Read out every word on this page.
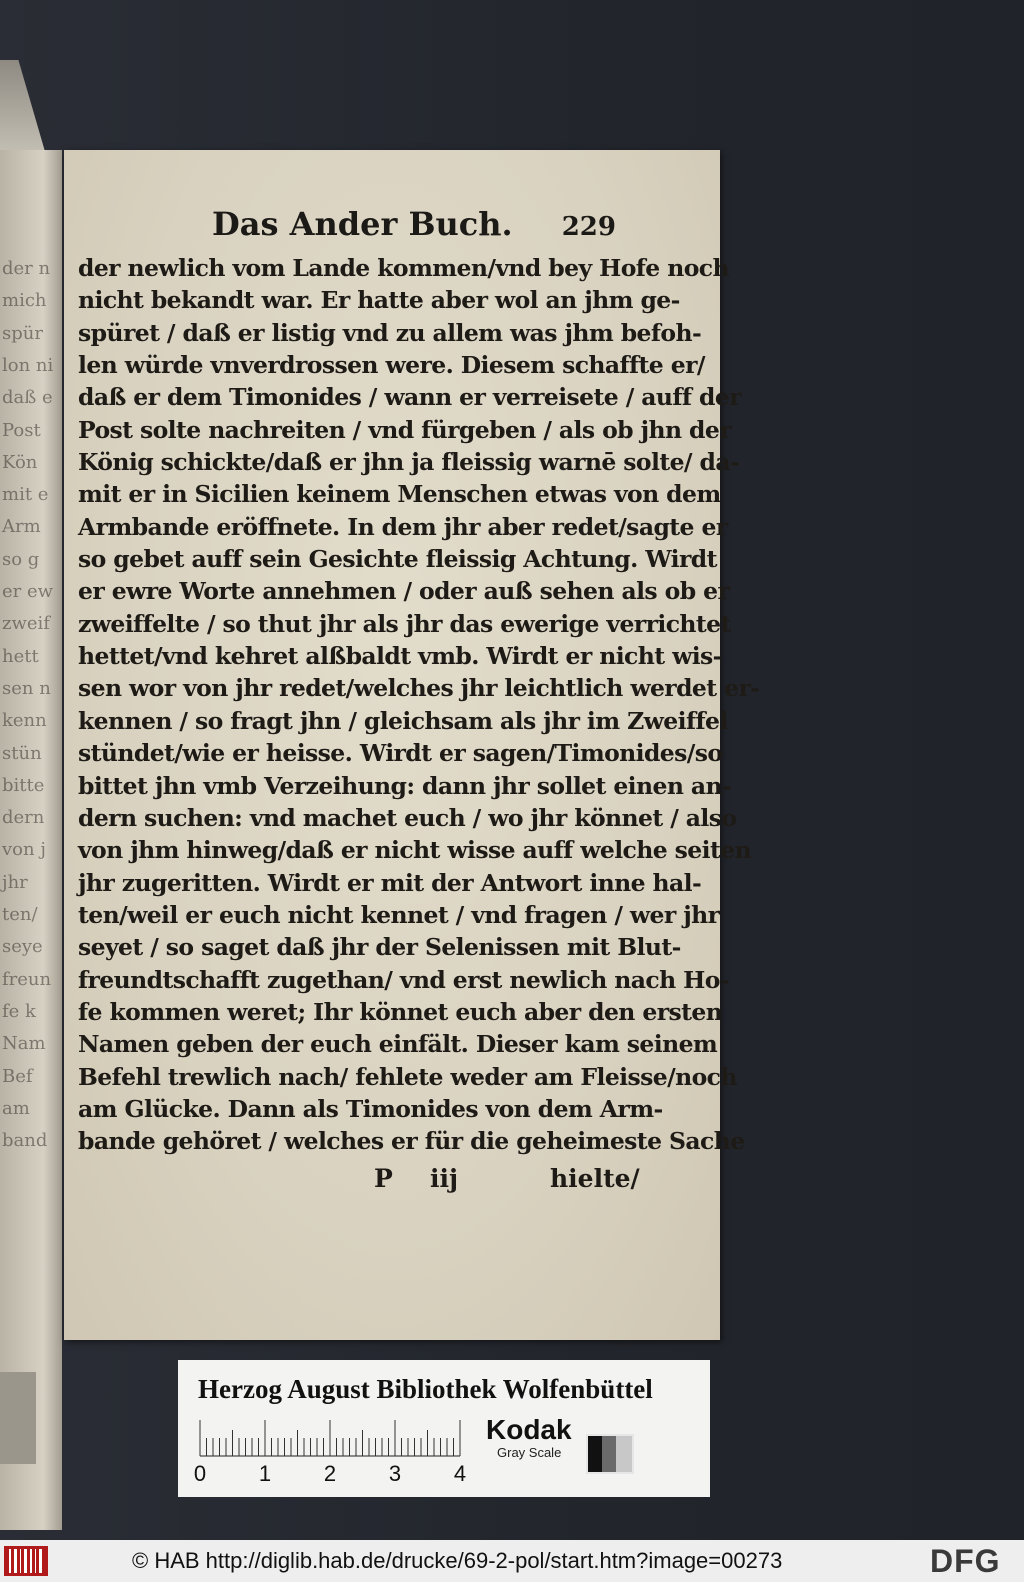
der n
mich
spür
lon ni
daß e
Post
Kön
mit e
Arm
so g
er ew
zweif
hett
sen n
kenn
stün
bitte
dern
von j
jhr
ten/
seye
freun
fe k
Nam
Bef
am
band
Das Ander Buch.	229
der newlich vom Lande kommen/vnd bey Hofe noch
nicht bekandt war. Er hatte aber wol an jhm ge-
spüret / daß er listig vnd zu allem was jhm befoh-
len würde vnverdrossen were. Diesem schaffte er/
daß er dem Timonides / wann er verreisete / auff der
Post solte nachreiten / vnd fürgeben / als ob jhn der
König schickte/daß er jhn ja fleissig warnē solte/ da-
mit er in Sicilien keinem Menschen etwas von dem
Armbande eröffnete. In dem jhr aber redet/sagte er
so gebet auff sein Gesichte fleissig Achtung. Wirdt
er ewre Worte annehmen / oder auß sehen als ob er
zweiffelte / so thut jhr als jhr das ewerige verrichtet
hettet/vnd kehret alßbaldt vmb. Wirdt er nicht wis-
sen wor von jhr redet/welches jhr leichtlich werdet er-
kennen / so fragt jhn / gleichsam als jhr im Zweiffel
stündet/wie er heisse. Wirdt er sagen/Timonides/so
bittet jhn vmb Verzeihung: dann jhr sollet einen an-
dern suchen: vnd machet euch / wo jhr könnet / also
von jhm hinweg/daß er nicht wisse auff welche seiten
jhr zugeritten. Wirdt er mit der Antwort inne hal-
ten/weil er euch nicht kennet / vnd fragen / wer jhr
seyet / so saget daß jhr der Selenissen mit Blut-
freundtschafft zugethan/ vnd erst newlich nach Ho-
fe kommen weret; Ihr könnet euch aber den ersten
Namen geben der euch einfält. Dieser kam seinem
Befehl trewlich nach/ fehlete weder am Fleisse/noch
am Glücke. Dann als Timonides von dem Arm-
bande gehöret / welches er für die geheimeste Sache
P iij	hielte/
Herzog August Bibliothek Wolfenbüttel
0 1 2 3 4
Kodak
Gray Scale
© HAB http://diglib.hab.de/drucke/69-2-pol/start.htm?image=00273	DFG
